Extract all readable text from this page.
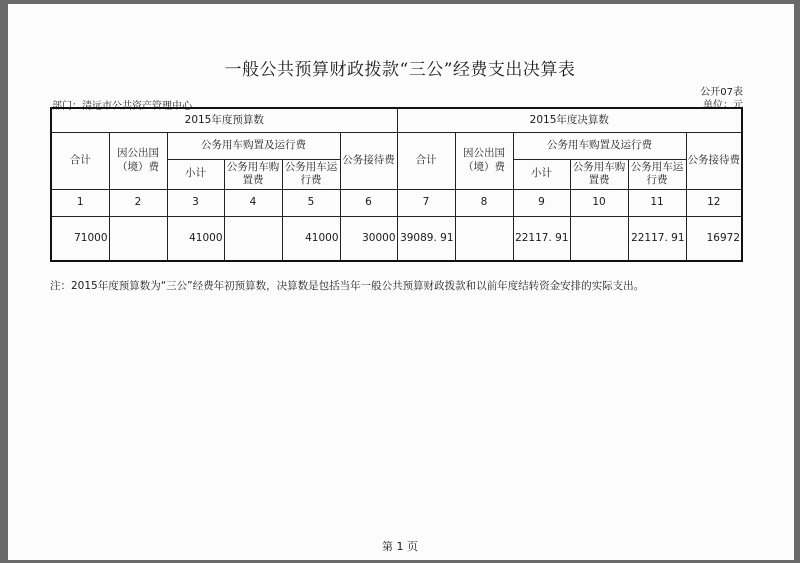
一般公共预算财政拨款“三公”经费支出决算表
公开07表
单位：元
部门：清远市公共资产管理中心
2015年度预算数						2015年度决算数					
合计	因公出国（境）费	公务用车购置及运行费			公务接待费	合计	因公出国（境）费	公务用车购置及运行费			公务接待费
		小计	公务用车购置费	公务用车运行费				小计	公务用车购置费	公务用车运行费	
1	2	3	4	5	6	7	8	9	10	11	12
71000		41000		41000	30000	39089. 91		22117. 91		22117. 91	16972
注：2015年度预算数为“三公”经费年初预算数，决算数是包括当年一般公共预算财政拨款和以前年度结转资金安排的实际支出。
第 1 页
